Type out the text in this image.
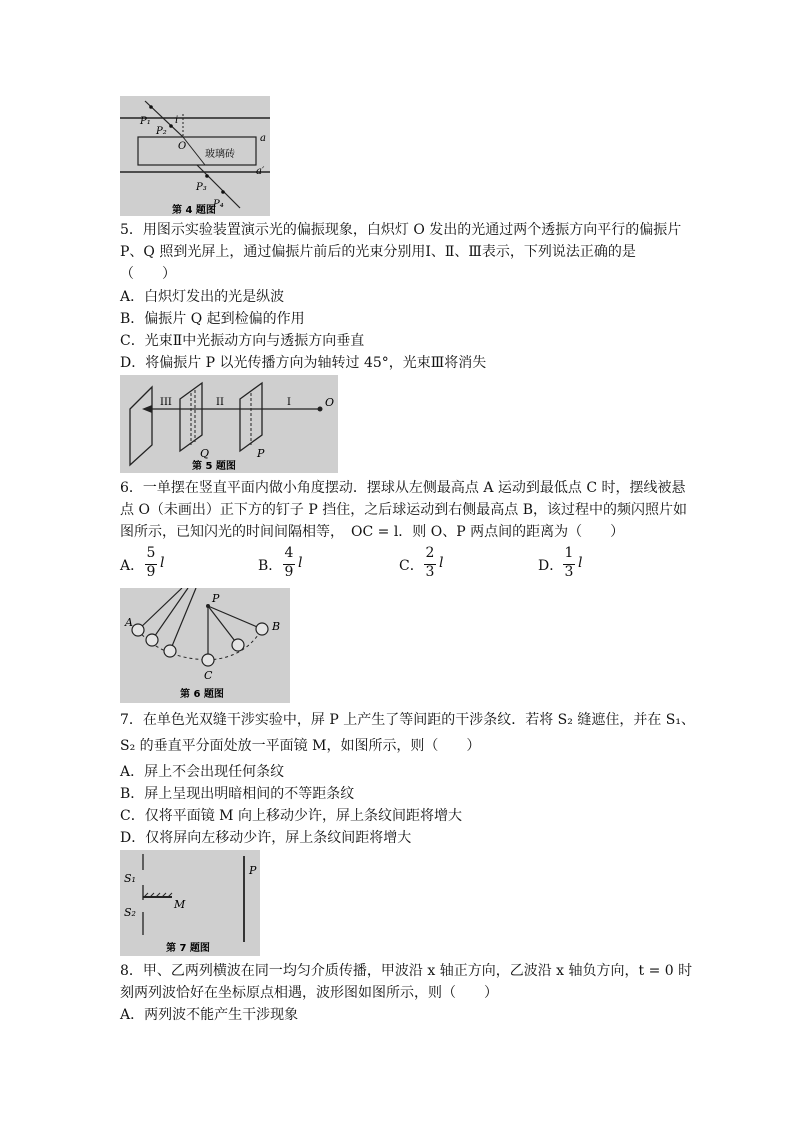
P₁
P₂
i
O
a
玻璃砖
a′
P₃
P₄
第 4 题图
5．用图示实验装置演示光的偏振现象，白炽灯 O 发出的光通过两个透振方向平行的偏振片
P、Q 照到光屏上，通过偏振片前后的光束分别用Ⅰ、Ⅱ、Ⅲ表示，下列说法正确的是
（　　）
A．白炽灯发出的光是纵波
B．偏振片 Q 起到检偏的作用
C．光束Ⅱ中光振动方向与透振方向垂直
D．将偏振片 P 以光传播方向为轴转过 45°，光束Ⅲ将消失
III	II	I	O
Q	P
第 5 题图
6．一单摆在竖直平面内做小角度摆动．摆球从左侧最高点 A 运动到最低点 C 时，摆线被悬
点 O（未画出）正下方的钉子 P 挡住，之后球运动到右侧最高点 B，该过程中的频闪照片如
图所示，已知闪光的时间间隔相等，　OC = l．则 O、P 两点间的距离为（　　）
A．
5
9
l	B．
4
9
l	C．
2
3
l	D．
1
3
l
A
P
B
C
第 6 题图
7．在单色光双缝干涉实验中，屏 P 上产生了等间距的干涉条纹．若将 S₂ 缝遮住，并在 S₁、
S₂ 的垂直平分面处放一平面镜 M，如图所示，则（　　）
A．屏上不会出现任何条纹
B．屏上呈现出明暗相间的不等距条纹
C．仅将平面镜 M 向上移动少许，屏上条纹间距将增大
D．仅将屏向左移动少许，屏上条纹间距将增大
S₁
S₂
M
P
第 7 题图
8．甲、乙两列横波在同一均匀介质传播，甲波沿 x 轴正方向，乙波沿 x 轴负方向，t = 0 时
刻两列波恰好在坐标原点相遇，波形图如图所示，则（　　）
A．两列波不能产生干涉现象
